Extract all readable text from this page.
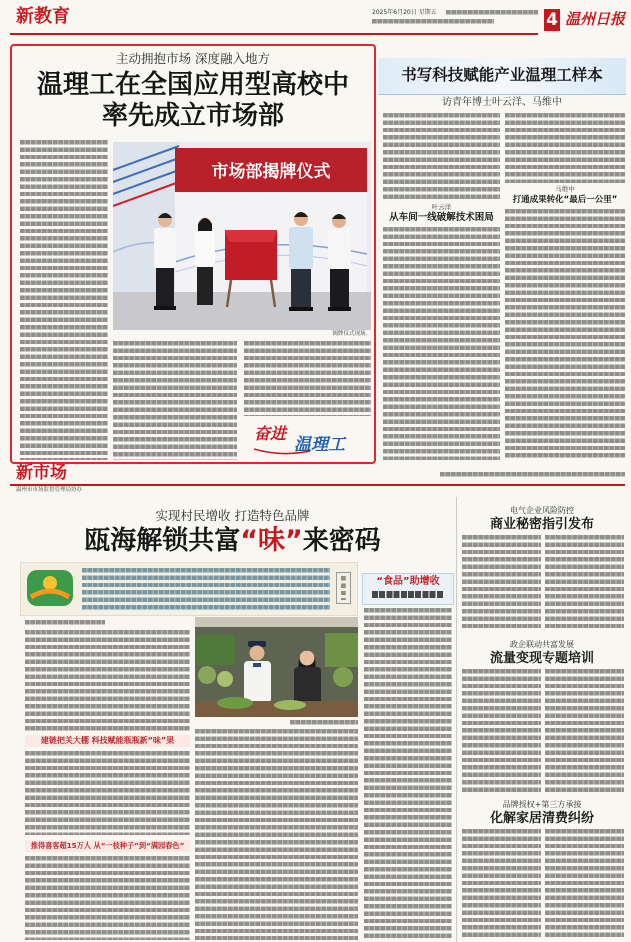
新教育	2025年6月20日 星期五	4 温州日报
主动拥抱市场 深度融入地方
温理工在全国应用型高校中
率先成立市场部
市场部揭牌仪式
揭牌仪式现场。
奋进
温理工
书写科技赋能产业温理工样本
访青年博士叶云洋、马维中
叶云洋
从车间一线破解技术困局
马维中
打通成果转化“最后一公里”
新市场
温州市市场监督管理局协办
实现村民增收 打造特色品牌
瓯海解锁共富“味”来密码
“食品”助增收
建链把关大棚 科技赋能瓶瓶新“味”果
推得喜客超15万人 从“一枝种子”到“满园春色”
电气企业风险防控
商业秘密指引发布
政企联动共富发展
流量变现专题培训
品牌授权+第三方承接
化解家居清费纠纷
